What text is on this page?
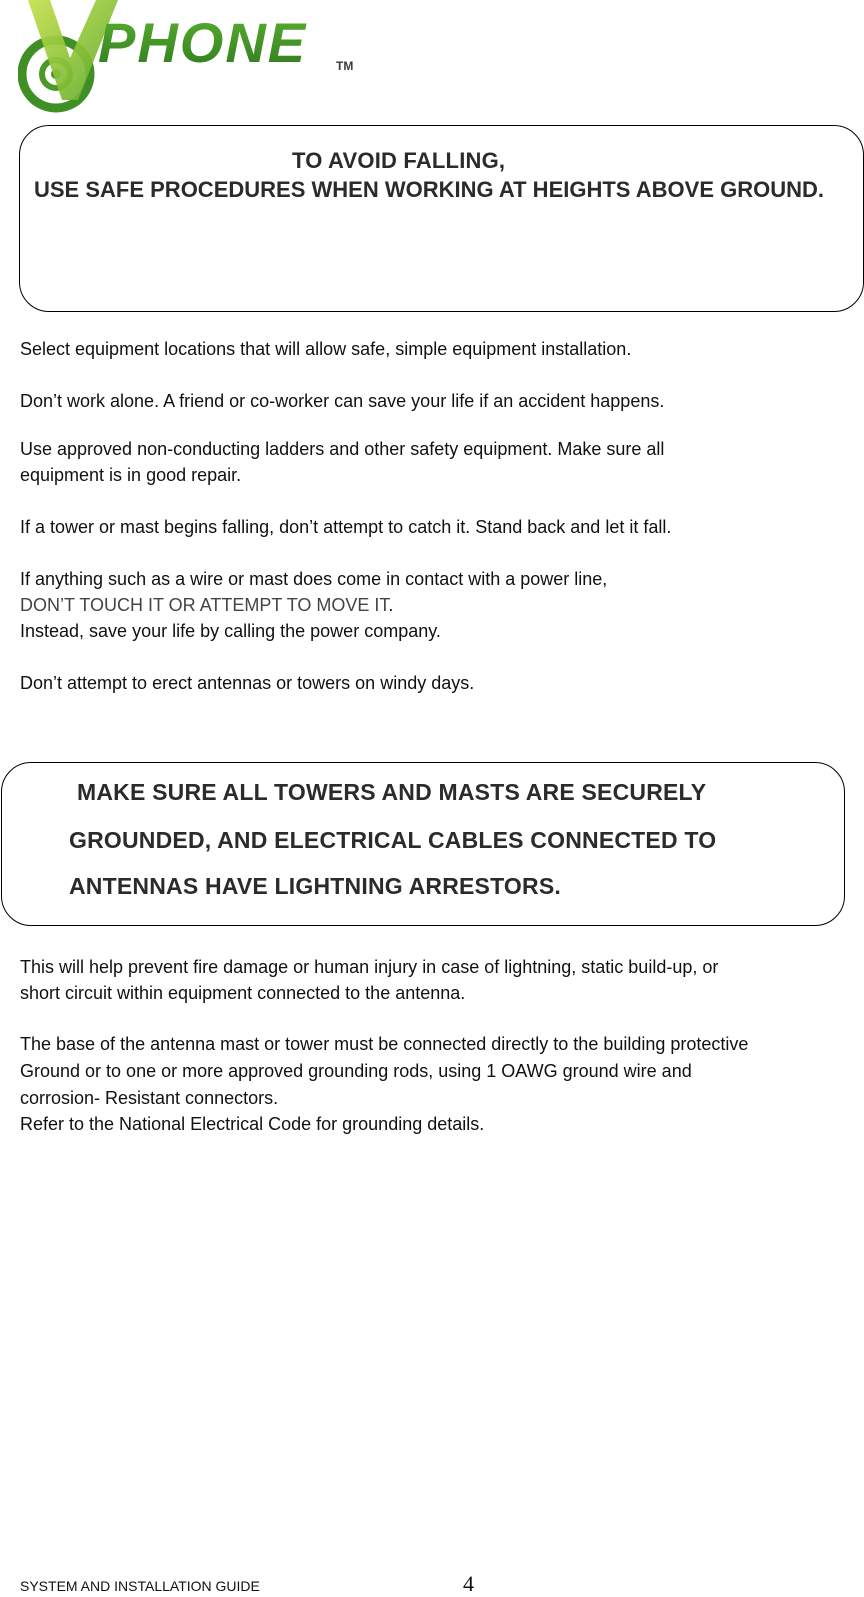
PHONE TM
TO AVOID FALLING,
USE SAFE PROCEDURES WHEN WORKING AT HEIGHTS ABOVE GROUND.
Select equipment locations that will allow safe, simple equipment installation.
Don’t work alone. A friend or co-worker can save your life if an accident happens.
Use approved non-conducting ladders and other safety equipment. Make sure all
equipment is in good repair.
If a tower or mast begins falling, don’t attempt to catch it. Stand back and let it fall.
If anything such as a wire or mast does come in contact with a power line,
DON’T TOUCH IT OR ATTEMPT TO MOVE IT.
Instead, save your life by calling the power company.
Don’t attempt to erect antennas or towers on windy days.
MAKE SURE ALL TOWERS AND MASTS ARE SECURELY
GROUNDED, AND ELECTRICAL CABLES CONNECTED TO
ANTENNAS HAVE LIGHTNING ARRESTORS.
This will help prevent fire damage or human injury in case of lightning, static build-up, or
short circuit within equipment connected to the antenna.
The base of the antenna mast or tower must be connected directly to the building protective
Ground or to one or more approved grounding rods, using 1 OAWG ground wire and
corrosion- Resistant connectors.
Refer to the National Electrical Code for grounding details.
SYSTEM AND INSTALLATION GUIDE	4
